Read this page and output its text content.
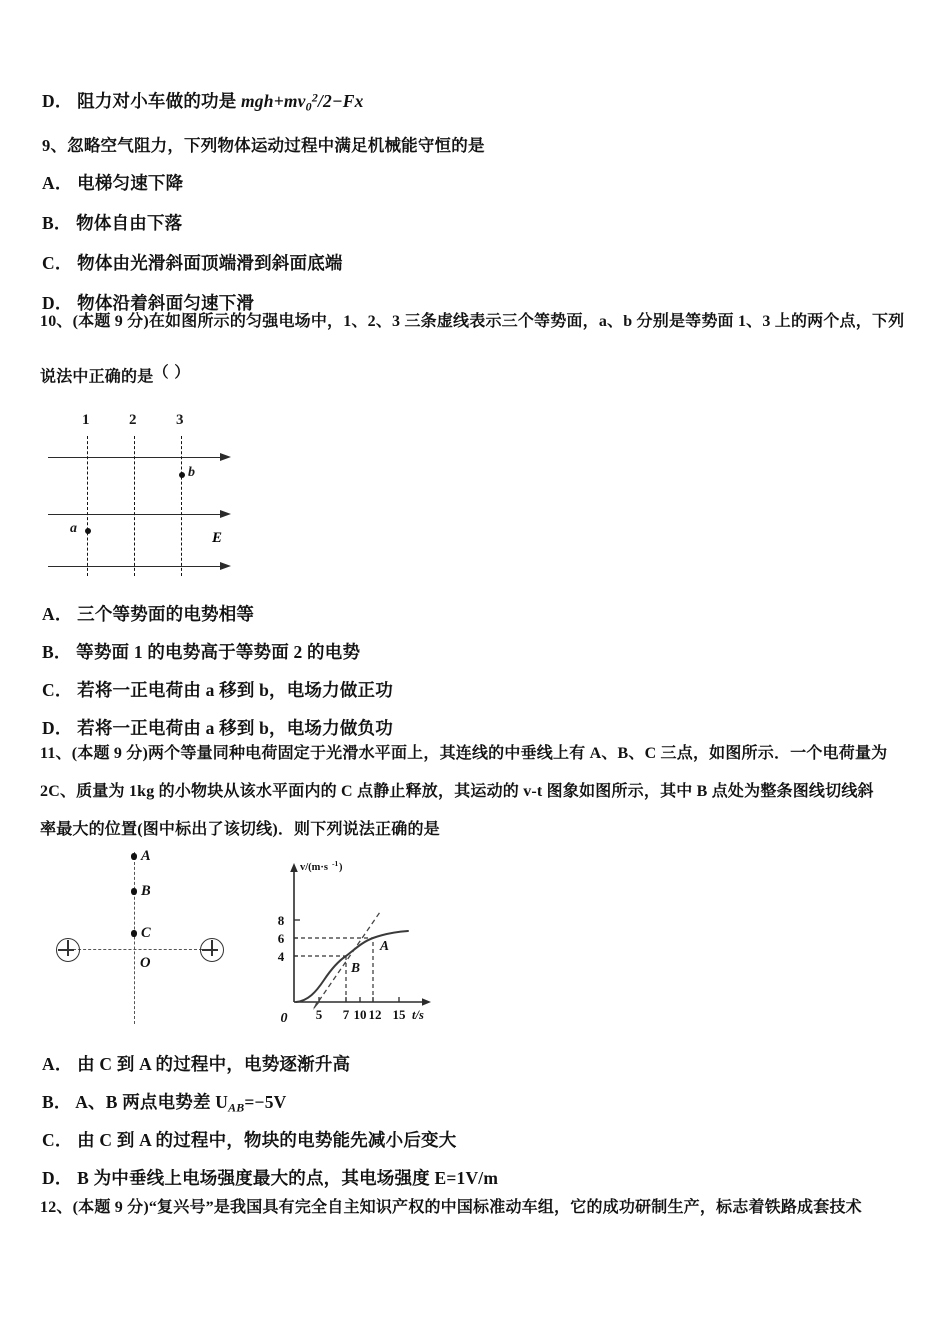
D． 阻力对小车做的功是 $mgh+mv_0^2/2-Fx$
9、忽略空气阻力，下列物体运动过程中满足机械能守恒的是
A． 电梯匀速下降
B． 物体自由下落
C． 物体由光滑斜面顶端滑到斜面底端
D． 物体沿着斜面匀速下滑
10、(本题 9 分)在如图所示的匀强电场中，1、2、3 三条虚线表示三个等势面，a、b 分别是等势面 1、3 上的两个点，下列
说法中正确的是（ ）
1	2	3
b
a
E
A． 三个等势面的电势相等
B． 等势面 1 的电势高于等势面 2 的电势
C． 若将一正电荷由 a 移到 b，电场力做正功
D． 若将一正电荷由 a 移到 b，电场力做负功
11、(本题 9 分)两个等量同种电荷固定于光滑水平面上，其连线的中垂线上有 A、B、C 三点，如图所示．一个电荷量为
2C、质量为 1kg 的小物块从该水平面内的 C 点静止释放，其运动的 v-t 图象如图所示，其中 B 点处为整条图线切线斜
率最大的位置(图中标出了该切线)．则下列说法正确的是
A
B
C
O
v/(m·s -1 )
t/s
8
6
4
0 5 7 10 12 15
A
B
A． 由 C 到 A 的过程中，电势逐渐升高
B． A、B 两点电势差 $U_{AB}=-5V$
C． 由 C 到 A 的过程中，物块的电势能先减小后变大
D． B 为中垂线上电场强度最大的点，其电场强度 E=1V/m
12、(本题 9 分)“复兴号”是我国具有完全自主知识产权的中国标准动车组，它的成功研制生产，标志着铁路成套技术
